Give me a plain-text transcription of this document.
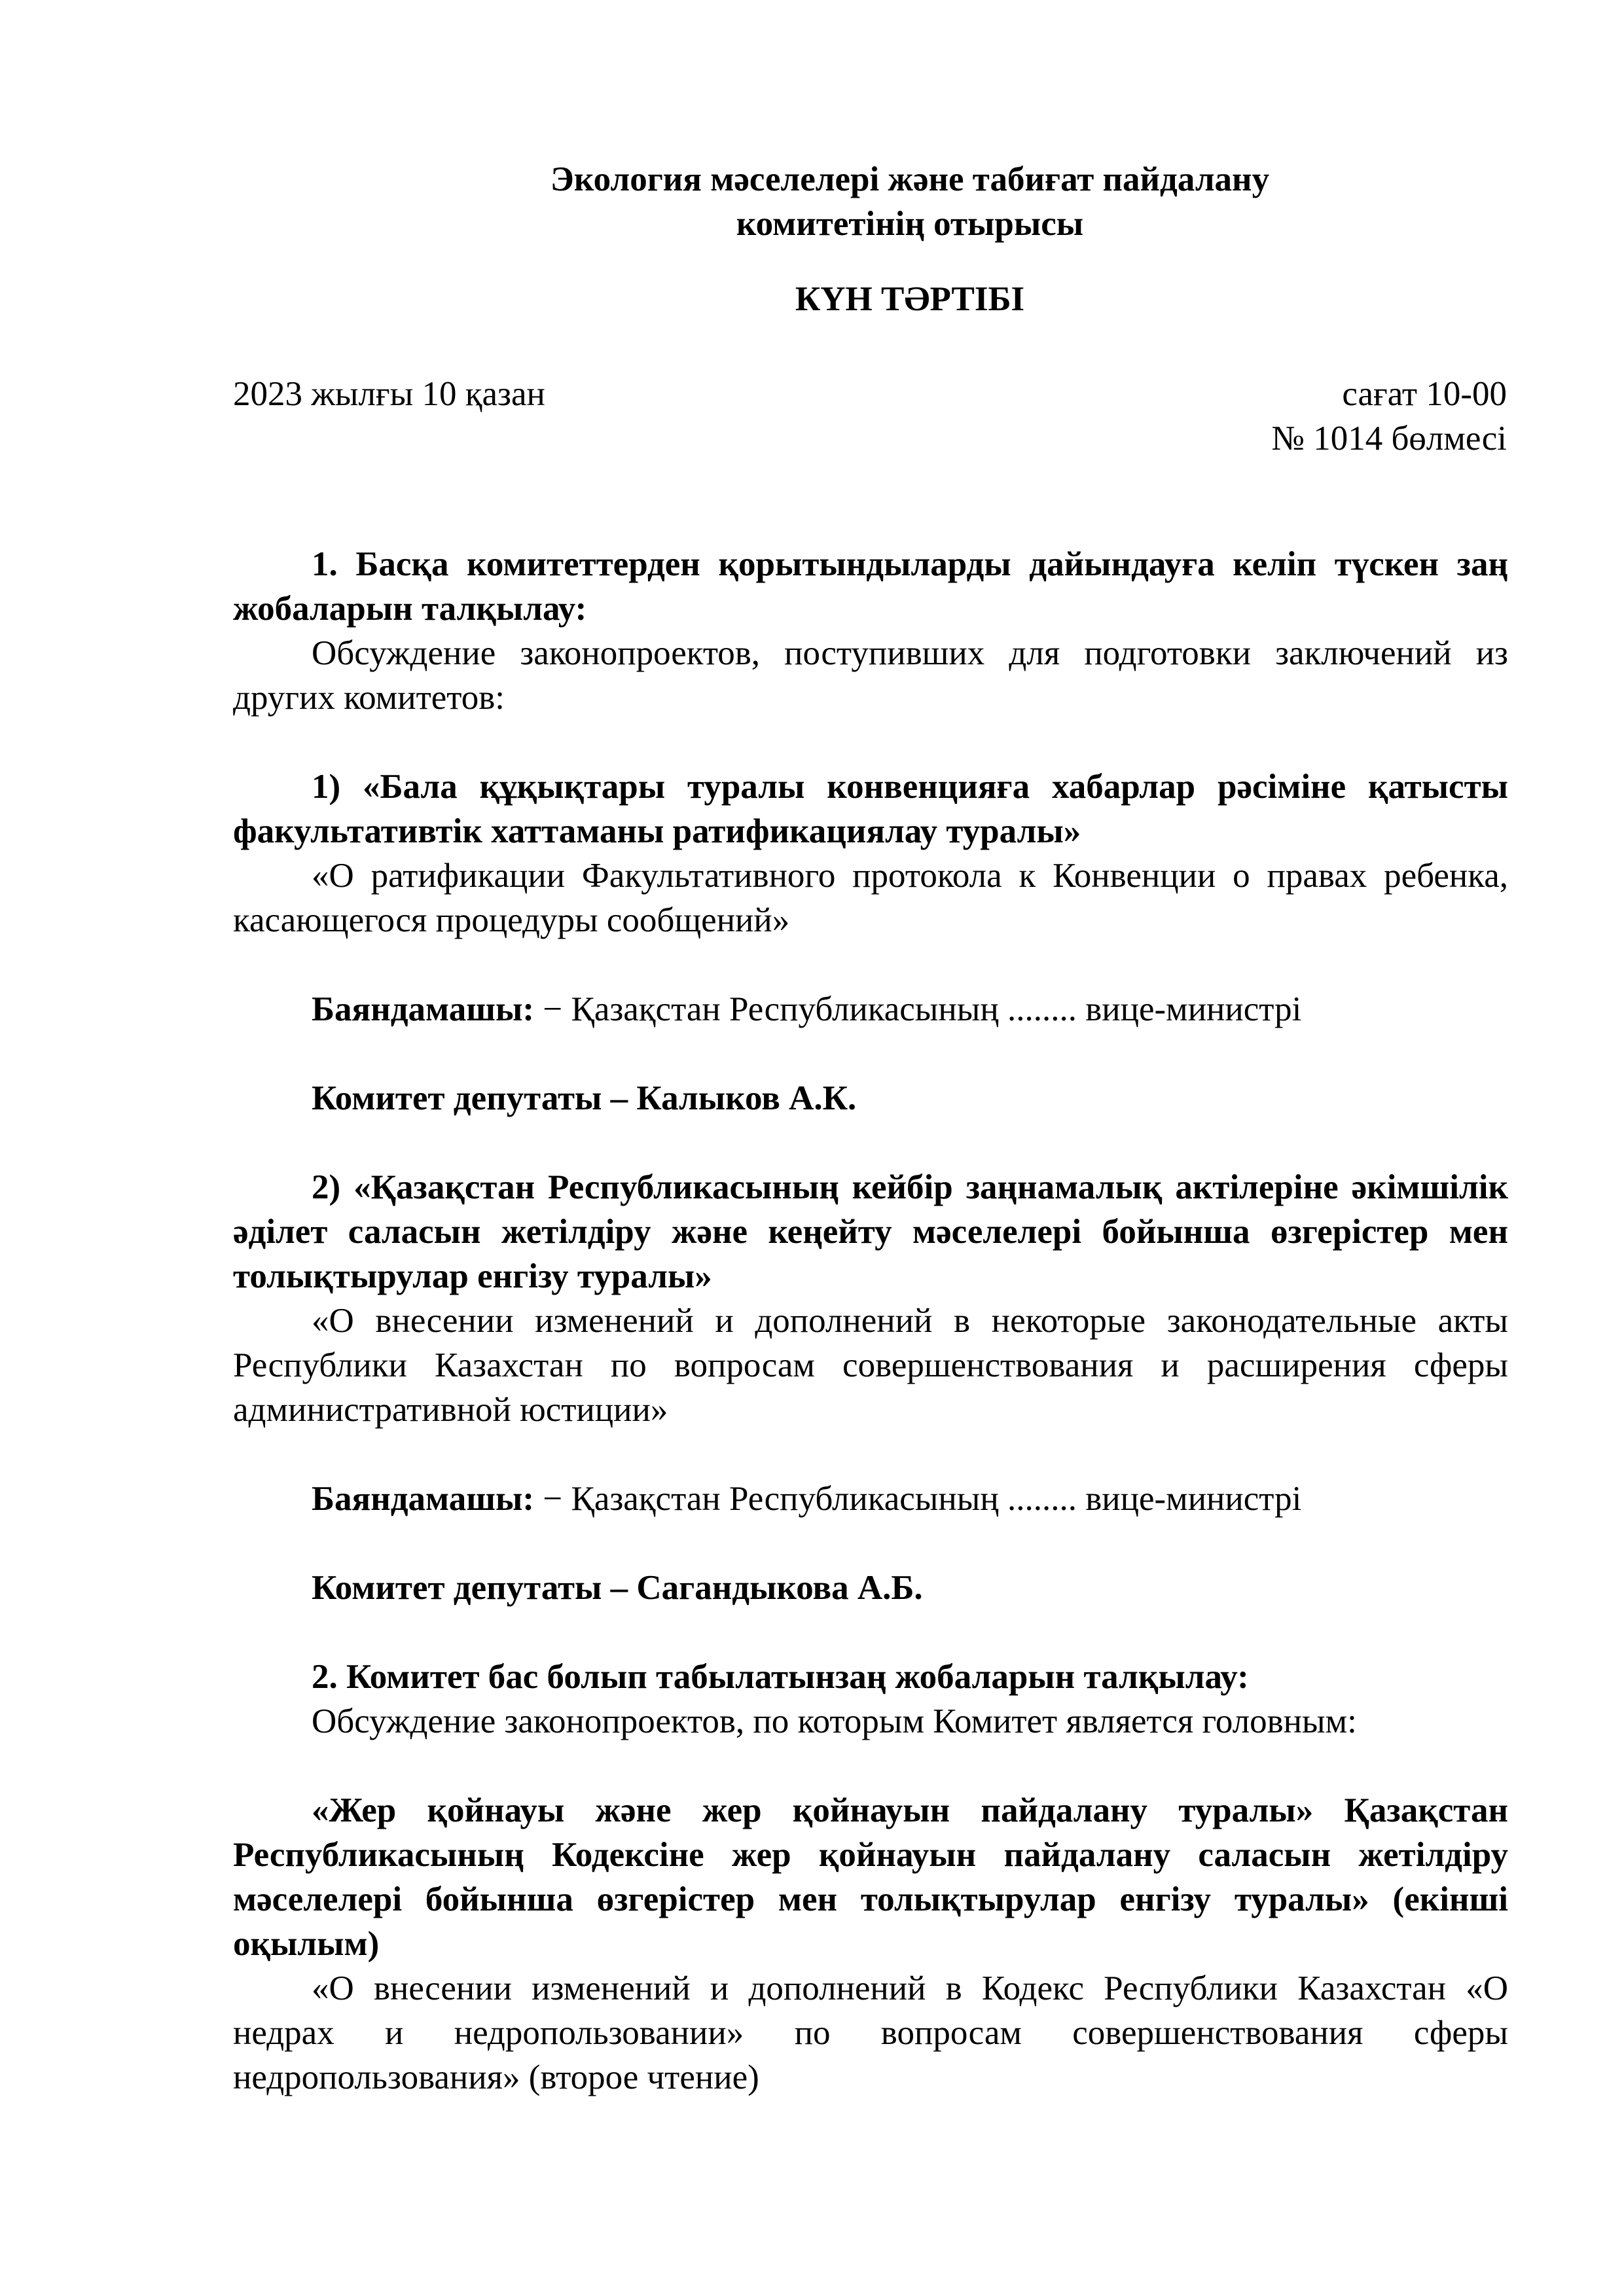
Экология мәселелері және табиғат пайдалану
комитетінің отырысы
КҮН ТӘРТІБІ
2023 жылғы 10 қазан	сағат 10-00
№ 1014 бөлмесі

1. Басқа комитеттерден қорытындыларды дайындауға келіп түскен заң жобаларын талқылау:

Обсуждение законопроектов, поступивших для подготовки заключений из других комитетов:

1) «Бала құқықтары туралы конвенцияға хабарлар рәсіміне қатысты факультативтік хаттаманы ратификациялау туралы»

«О ратификации Факультативного протокола к Конвенции о правах ребенка, касающегося процедуры сообщений»

Баяндамашы: − Қазақстан Республикасының ........ вице-министрі

Комитет депутаты – Калыков А.К.

2) «Қазақстан Республикасының кейбір заңнамалық актілеріне әкімшілік әділет саласын жетілдіру және кеңейту мәселелері бойынша өзгерістер мен толықтырулар енгізу туралы»

«О внесении изменений и дополнений в некоторые законодательные акты Республики Казахстан по вопросам совершенствования и расширения сферы административной юстиции»

Баяндамашы: − Қазақстан Республикасының ........ вице-министрі

Комитет депутаты – Сагандыкова А.Б.

2. Комитет бас болып табылатынзаң жобаларын талқылау:

Обсуждение законопроектов, по которым Комитет является головным:

«Жер қойнауы және жер қойнауын пайдалану туралы» Қазақстан Республикасының Кодексіне жер қойнауын пайдалану саласын жетілдіру мәселелері бойынша өзгерістер мен толықтырулар енгізу туралы» (екінші оқылым)

«О внесении изменений и дополнений в Кодекс Республики Казахстан «О недрах и недропользовании» по вопросам совершенствования сферы недропользования» (второе чтение)
